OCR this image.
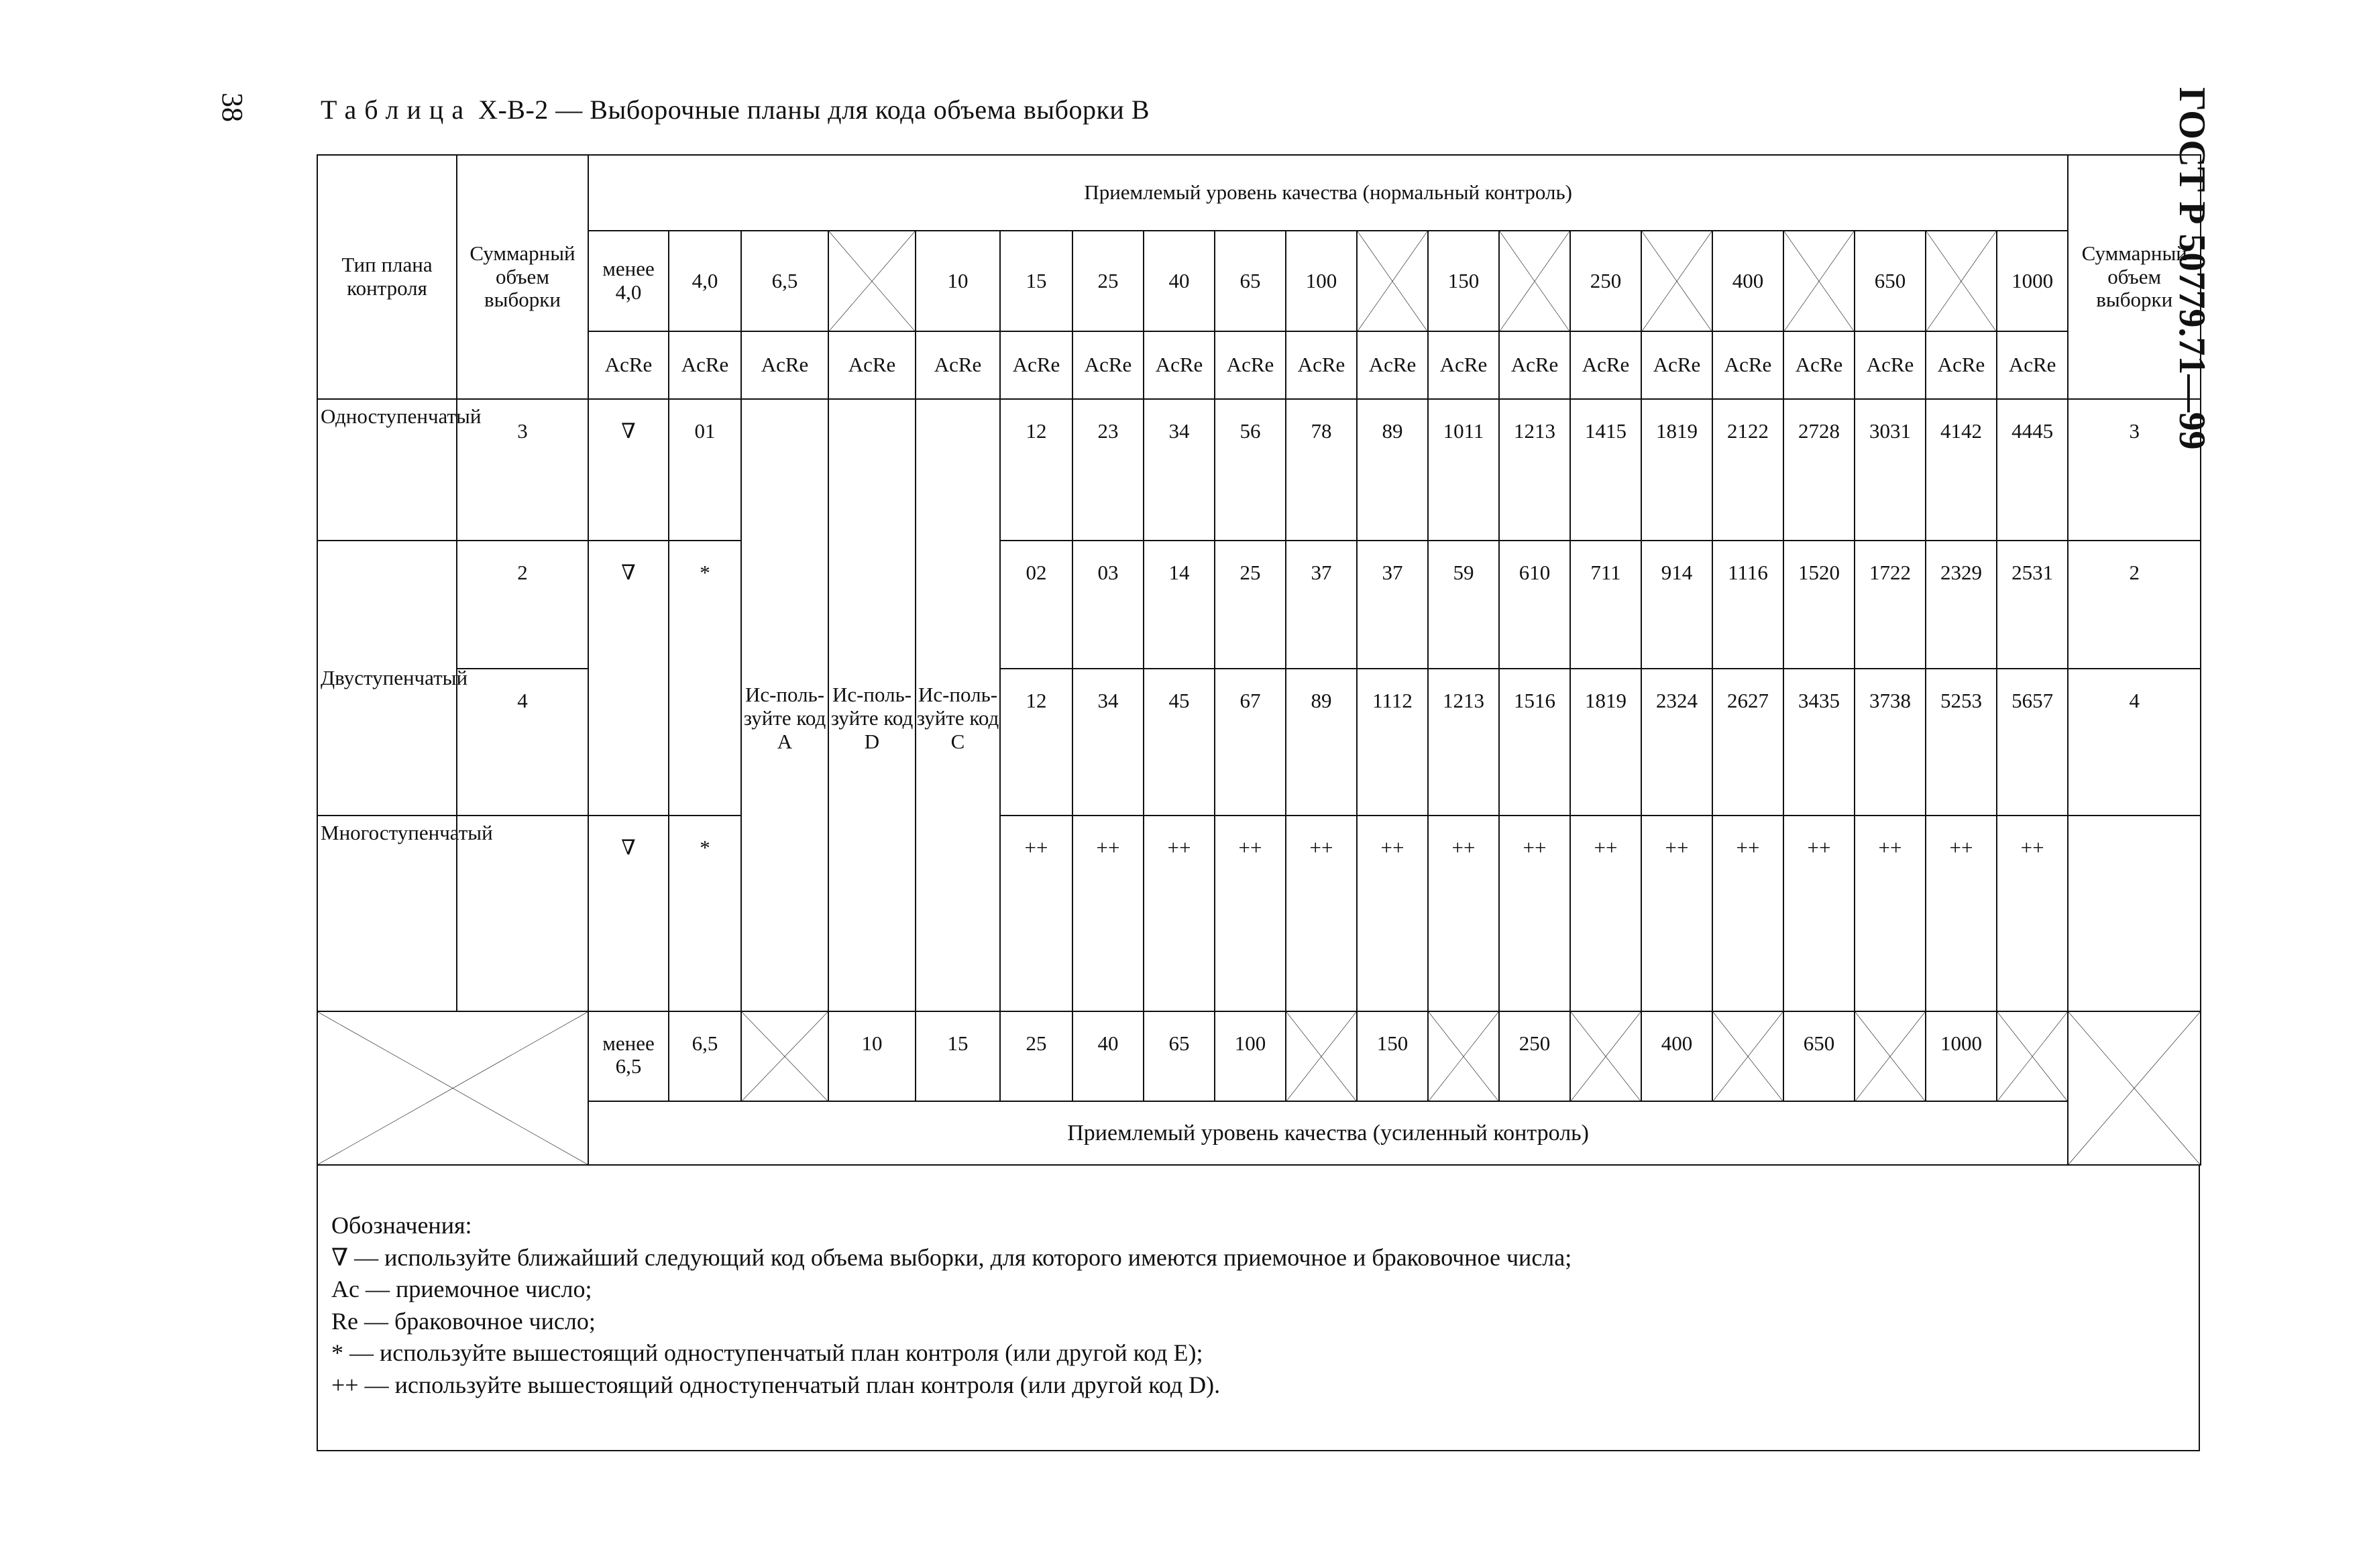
38	Таблица X-B-2 — Выборочные планы для кода объема выборки В	ГОСТ Р 50779.71—99
Тип плана контроля	Суммарный объем выборки	Приемлемый уровень качества (нормальный контроль)																				Суммарный объем выборки
		менее 4,0	4,0	6,5		10	15	25	40	65	100		150		250		400		650		1000	
		AcRe	AcRe	AcRe	AcRe	AcRe	AcRe	AcRe	AcRe	AcRe	AcRe	AcRe	AcRe	AcRe	AcRe	AcRe	AcRe	AcRe	AcRe	AcRe	AcRe	
Одноступенчатый	3	∇	01	Ис-поль-зуйте код A	Ис-поль-зуйте код D	Ис-поль-зуйте код C	12	23	34	56	78	89	1011	1213	1415	1819	2122	2728	3031	4142	4445	3
Двуступенчатый	2	∇	*				02	03	14	25	37	37	59	610	711	914	1116	1520	1722	2329	2531	2
	4						12	34	45	67	89	1112	1213	1516	1819	2324	2627	3435	3738	5253	5657	4
Многоступенчатый		∇	*				++	++	++	++	++	++	++	++	++	++	++	++	++	++	++	

	менее 6,5	6,5		10	15	25	40	65	100		150		250		400		650		1000	

		Приемлемый уровень качества (усиленный контроль)																				
Обозначения:
∇ — используйте ближайший следующий код объема выборки, для которого имеются приемочное и браковочное числа;
Ac — приемочное число;
Re — браковочное число;
* — используйте вышестоящий одноступенчатый план контроля (или другой код Е);
++ — используйте вышестоящий одноступенчатый план контроля (или другой код D).
